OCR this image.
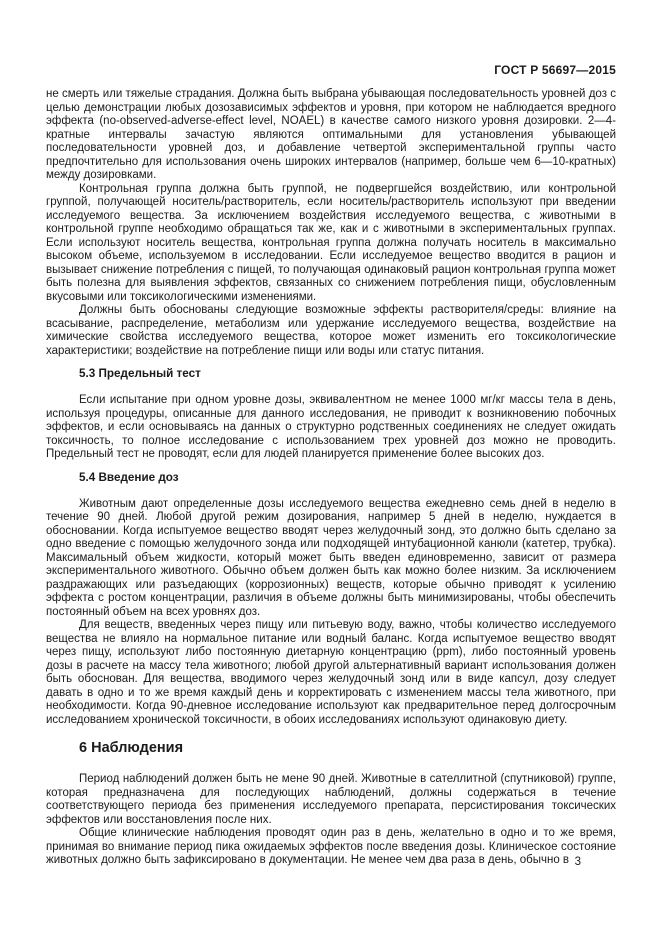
ГОСТ Р 56697—2015

не смерть или тяжелые страдания. Должна быть выбрана убывающая последовательность уровней доз с целью демонстрации любых дозозависимых эффектов и уровня, при котором не наблюдается вредного эффекта (no-observed-adverse-effect level, NOAEL) в качестве самого низкого уровня дозировки. 2—4-кратные интервалы зачастую являются оптимальными для установления убывающей последовательности уровней доз, и добавление четвертой экспериментальной группы часто предпочтительно для использования очень широких интервалов (например, больше чем 6—10-кратных) между дозировками.

Контрольная группа должна быть группой, не подвергшейся воздействию, или контрольной группой, получающей носитель/растворитель, если носитель/растворитель используют при введении исследуемого вещества. За исключением воздействия исследуемого вещества, с животными в контрольной группе необходимо обращаться так же, как и с животными в экспериментальных группах. Если используют носитель вещества, контрольная группа должна получать носитель в максимально высоком объеме, используемом в исследовании. Если исследуемое вещество вводится в рацион и вызывает снижение потребления с пищей, то получающая одинаковый рацион контрольная группа может быть полезна для выявления эффектов, связанных со снижением потребления пищи, обусловленным вкусовыми или токсикологическими изменениями.

Должны быть обоснованы следующие возможные эффекты растворителя/среды: влияние на всасывание, распределение, метаболизм или удержание исследуемого вещества, воздействие на химические свойства исследуемого вещества, которое может изменить его токсикологические характеристики; воздействие на потребление пищи или воды или статус питания.

5.3 Предельный тест

Если испытание при одном уровне дозы, эквивалентном не менее 1000 мг/кг массы тела в день, используя процедуры, описанные для данного исследования, не приводит к возникновению побочных эффектов, и если основываясь на данных о структурно родственных соединениях не следует ожидать токсичность, то полное исследование с использованием трех уровней доз можно не проводить. Предельный тест не проводят, если для людей планируется применение более высоких доз.

5.4 Введение доз

Животным дают определенные дозы исследуемого вещества ежедневно семь дней в неделю в течение 90 дней. Любой другой режим дозирования, например 5 дней в неделю, нуждается в обосновании. Когда испытуемое вещество вводят через желудочный зонд, это должно быть сделано за одно введение с помощью желудочного зонда или подходящей интубационной канюли (катетер, трубка). Максимальный объем жидкости, который может быть введен единовременно, зависит от размера экспериментального животного. Обычно объем должен быть как можно более низким. За исключением раздражающих или разъедающих (коррозионных) веществ, которые обычно приводят к усилению эффекта с ростом концентрации, различия в объеме должны быть минимизированы, чтобы обеспечить постоянный объем на всех уровнях доз.

Для веществ, введенных через пищу или питьевую воду, важно, чтобы количество исследуемого вещества не влияло на нормальное питание или водный баланс. Когда испытуемое вещество вводят через пищу, используют либо постоянную диетарную концентрацию (ppm), либо постоянный уровень дозы в расчете на массу тела животного; любой другой альтернативный вариант использования должен быть обоснован. Для вещества, вводимого через желудочный зонд или в виде капсул, дозу следует давать в одно и то же время каждый день и корректировать с изменением массы тела животного, при необходимости. Когда 90-дневное исследование используют как предварительное перед долгосрочным исследованием хронической токсичности, в обоих исследованиях используют одинаковую диету.

6 Наблюдения

Период наблюдений должен быть не мене 90 дней. Животные в сателлитной (спутниковой) группе, которая предназначена для последующих наблюдений, должны содержаться в течение соответствующего периода без применения исследуемого препарата, персистирования токсических эффектов или восстановления после них.

Общие клинические наблюдения проводят один раз в день, желательно в одно и то же время, принимая во внимание период пика ожидаемых эффектов после введения дозы. Клиническое состояние животных должно быть зафиксировано в документации. Не менее чем два раза в день, обычно в 3
